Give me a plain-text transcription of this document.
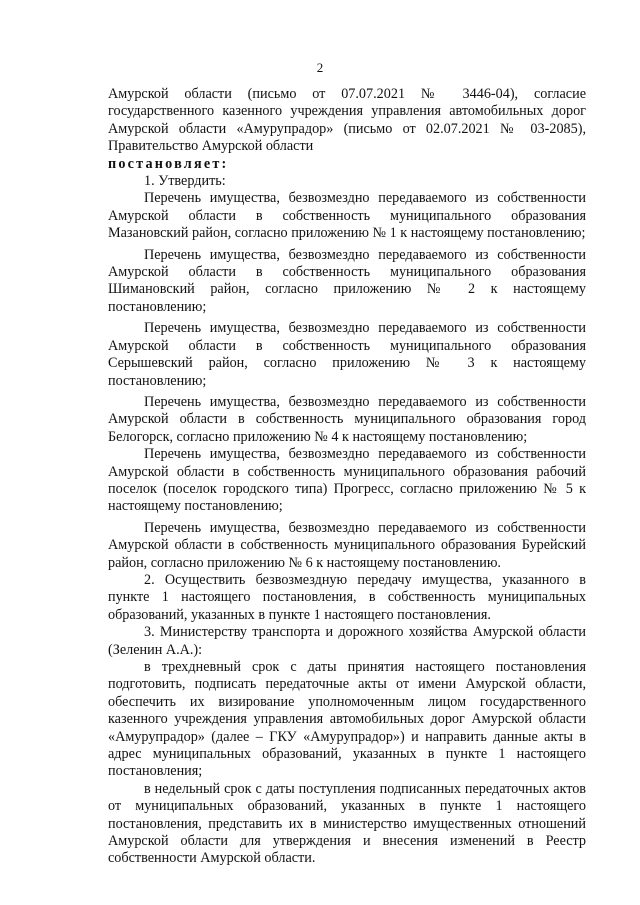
2

Амурской области (письмо от 07.07.2021 № 3446-04), согласие государственного казенного учреждения управления автомобильных дорог Амурской области «Амурупрадор» (письмо от 02.07.2021 № 03-2085), Правительство Амурской области

постановляет:

1. Утвердить:

Перечень имущества, безвозмездно передаваемого из собственности Амурской области в собственность муниципального образования Мазановский район, согласно приложению № 1 к настоящему постановлению;

Перечень имущества, безвозмездно передаваемого из собственности Амурской области в собственность муниципального образования Шимановский район, согласно приложению № 2 к настоящему постановлению;

Перечень имущества, безвозмездно передаваемого из собственности Амурской области в собственность муниципального образования Серышевский район, согласно приложению № 3 к настоящему постановлению;

Перечень имущества, безвозмездно передаваемого из собственности Амурской области в собственность муниципального образования город Белогорск, согласно приложению № 4 к настоящему постановлению;

Перечень имущества, безвозмездно передаваемого из собственности Амурской области в собственность муниципального образования рабочий поселок (поселок городского типа) Прогресс, согласно приложению № 5 к настоящему постановлению;

Перечень имущества, безвозмездно передаваемого из собственности Амурской области в собственность муниципального образования Бурейский район, согласно приложению № 6 к настоящему постановлению.

2. Осуществить безвозмездную передачу имущества, указанного в пункте 1 настоящего постановления, в собственность муниципальных образований, указанных в пункте 1 настоящего постановления.

3. Министерству транспорта и дорожного хозяйства Амурской области (Зеленин А.А.):

в трехдневный срок с даты принятия настоящего постановления подготовить, подписать передаточные акты от имени Амурской области, обеспечить их визирование уполномоченным лицом государственного казенного учреждения управления автомобильных дорог Амурской области «Амурупрадор» (далее – ГКУ «Амурупрадор») и направить данные акты в адрес муниципальных образований, указанных в пункте 1 настоящего постановления;

в недельный срок с даты поступления подписанных передаточных актов от муниципальных образований, указанных в пункте 1 настоящего постановления, представить их в министерство имущественных отношений Амурской области для утверждения и внесения изменений в Реестр собственности Амурской области.
